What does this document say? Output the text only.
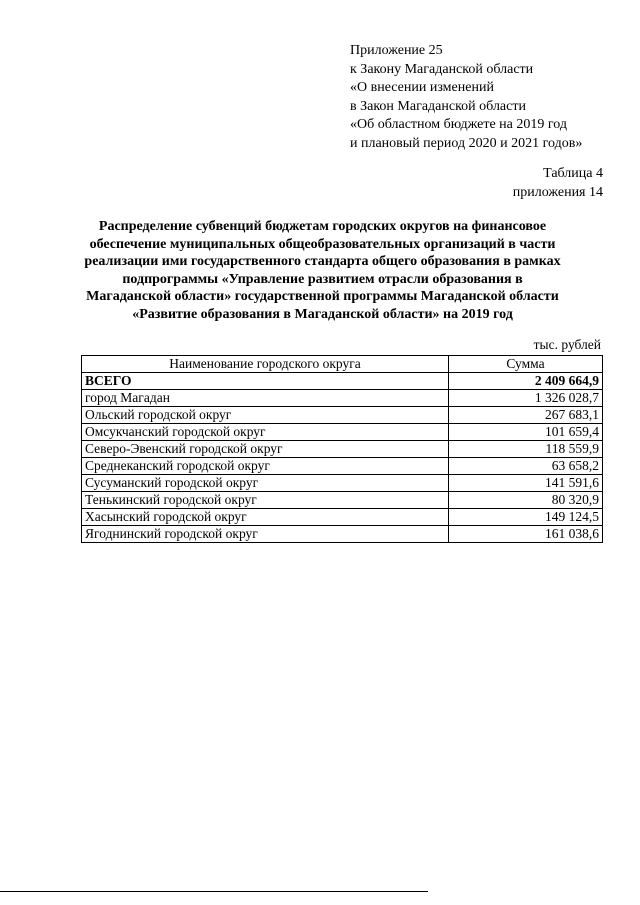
Приложение 25
к Закону Магаданской области
«О внесении изменений
в Закон Магаданской области
«Об областном бюджете на 2019 год
и плановый период 2020 и 2021 годов»
Таблица 4
приложения 14
Распределение субвенций бюджетам городских округов на финансовое
обеспечение муниципальных общеобразовательных организаций в части
реализации ими государственного стандарта общего образования в рамках
подпрограммы «Управление развитием отрасли образования в
Магаданской области» государственной программы Магаданской области
«Развитие образования в Магаданской области» на 2019 год
тыс. рублей
Наименование городского округа	Сумма
ВСЕГО	2 409 664,9
город Магадан	1 326 028,7
Ольский городской округ	267 683,1
Омсукчанский городской округ	101 659,4
Северо-Эвенский городской округ	118 559,9
Среднеканский городской округ	63 658,2
Сусуманский городской округ	141 591,6
Тенькинский городской округ	80 320,9
Хасынский городской округ	149 124,5
Ягоднинский городской округ	161 038,6
